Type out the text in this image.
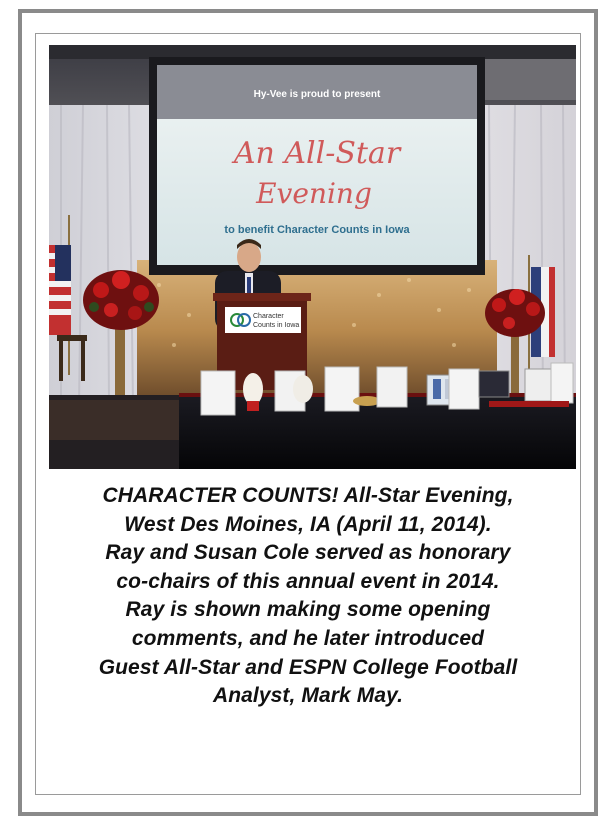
Hy-Vee is proud to present
An All-Star
Evening
to benefit Character Counts in Iowa
Character
Counts in Iowa
CHARACTER COUNTS! All-Star Evening,
West Des Moines, IA (April 11, 2014).
Ray and Susan Cole served as honorary
co-chairs of this annual event in 2014.
Ray is shown making some opening
comments, and he later introduced
Guest All-Star and ESPN College Football
Analyst, Mark May.
